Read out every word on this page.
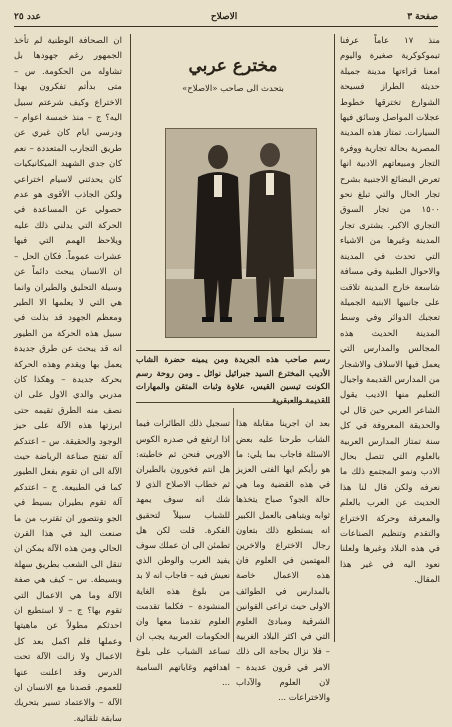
صفحة ٣
الاصلاح
عدد ٢٥

منذ ١٧ عاماً عرفنا تيموكوكرية صغيرة واليوم امعنا قراءتها مدينة جميلة حديثة الطراز فسيحة الشوارع تخترقها خطوط عجلات المواصل وسائق فيها السيارات. تمتاز هذه المدينة المصرية بحالة تجارية ووفرة التجار ومبيعاتهم الادبية انها تعرض البضائع الاجنبية بشرح تجار الحال والتي تبلغ نحو ١٥٠٠ من تجار السوق التجاري الاكبر. يشترى تجار المدينة وغيرها من الاشياء التي تحدث في المدينة والاحوال الطبية وفي مسافة شاسعة خارج المدينة تلاقت على جانبيها الابنية الجميلة تعجبك الدوائر وفي وسط المدينة الحديث هذه المجالس والمدارس التي يعمل فيها الاسلاف والاشجار من المدارس القديمة واجيال التعليم منها الاديب يقول الشاعر العربي حين قال لي والحديقة المعروفة في كل سنة تمتاز المدارس العربية بالعلوم التي تتصل بحال الادب ونمو المجتمع ذلك ما نعرفه ولكن قال لنا هذا الحديث عن العرب بالعلم والمعرفة وحركة الاختراع والتقدم وتنظيم الصناعات في هذه البلاد وغيرها ولعلنا نعود اليه في غير هذا المقال.

مخترع عربي
بتحدث الى صاحب «الاصلاح»
رسم صاحب هذه الجريدة ومن يمينه حضرة الشاب الأديب المخترع السيد جبرائيل نوائل ـ ومن روحة رسم الكونت تيسين القيس، علاوة وثبات المتقن والمهارات القديمة والعبقرية

بعد ان اجرينا مقابلة هذا الشاب طرحنا عليه بعض الاسئلة فاجاب بما يلي: ما هو رأيكم ايها الفتى العزيز في هذه القضية وما هي حالة الجو؟ صباح يتخذها ثوابه ويتباهى بالعمل الكبير انه يستطيع ذلك بتعاون رجال الاختراع والاخرين المهتمين في العلوم فان هذه الاعمال خاصة بالمدارس في الطوائف الاولى حيث تراعى القوانين الشرقية ومبادئ العلوم التي في اكثر البلاد الغربية – فلا نزال بحاجة الى ذلك الامر في قرون عديدة – لان العلوم والآداب والاختراعات ...

تسجيل ذلك الطائرات فيما اذا ارتفع في صدره الكوس الاوربي فنحن ثم خاطبته: هل انتم فخورون بالطيران ثم خطاب الاصلاح الذي لا شك انه سوف يمهد للشباب سبيلاً لتحقيق الفكرة. قلت لكن هل تطمئن الى ان عملك سوف يفيد العرب والوطن الذي نعيش فيه – فاجاب انه لا بد من بلوغ هذه الغاية المنشودة – فكلما تقدمت العلوم تقدمنا معها وان الحكومات العربية يجب ان تساعد الشباب على بلوغ اهدافهم وغاياتهم السامية ...

ان الصحافة الوطنية لم تأخذ الجمهور رغم جهودها بل تشاوله من الحكومة. س – متى بدأتم تفكرون بهذا الاختراع وكيف شرعتم سبيل اليه؟ ج – منذ خمسة اعوام – ودرسي ايام كان غيري عن طريق التجارب المتعددة – نعم كان جدي الشهيد الميكانيكيات كان يحدثني لاسيام اختراعي ولكن الجاذب الأقوى هو عدم حصولي عن المساعدة في الحركة التي يدلني ذلك عليه ويلاحظ الهمم التي فيها عشرات عموماً. فكان الحل – ان الانسان يبحث دائماً عن وسيلة التحليق والطيران وانما هي التي لا يعلمها الا الطير ومعظم الجهود قد بذلت في سبيل هذه الحركة من الطيور انه قد يبحث عن طرق جديدة يعمل بها ويقدم وهذه الحركة بحركة جديدة – وهكذا كان مدربي والدي الاول على ان نصف منه الطرق تقيمه حتى ابرزتها هذه الآلة على حيز الوجود والحقيقة. س – اعتدكم آلة تفتح صناعة الرياضة حيث الآلة الى ان تقوم بفعل الطيور كما في الطبيعة. ج – اعتدكم آلة تقوم بطيران بسيط في الجو ونتصور ان تقترب من ما صنعت اليد في هذا القرن الحالي ومن هذه الآلة يمكن ان تنقل الى الشعب بطريق سهلة وبسيطة. س – كيف هي صفة الآلة وما هي الاعمال التي تقوم بها؟ ج – لا استطيع ان احدثكم مطولاً عن ماهيتها وعملها فلم اكمل بعد كل الاعمال ولا زالت الآلة تحت الدرس وقد اعلنت عنها للعموم. قصدنا مع الانسان ان الآلة – والاعتماد تسير بتحريك سابقة تلقائية.
